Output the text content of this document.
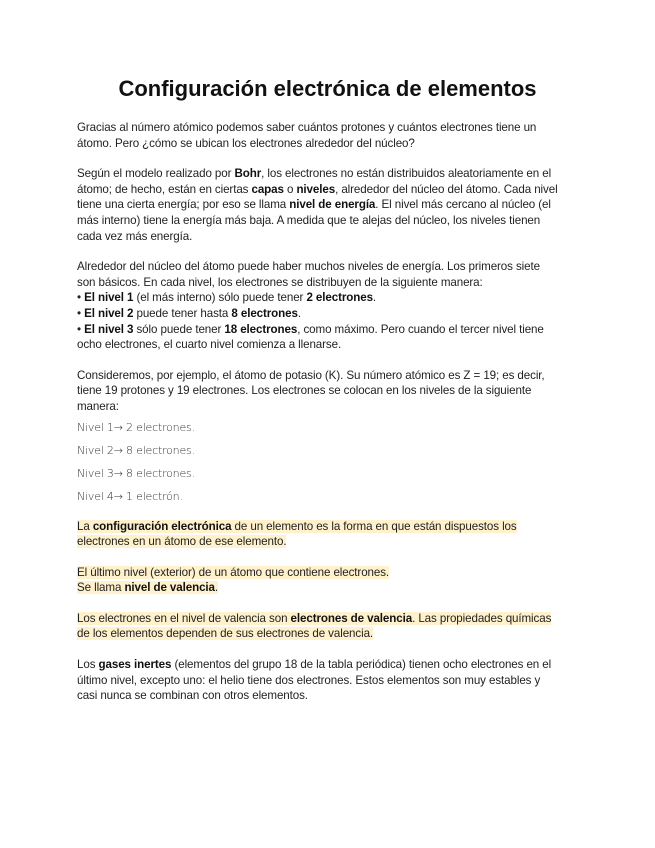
Configuración electrónica de elementos

Gracias al número atómico podemos saber cuántos protones y cuántos electrones tiene un
átomo. Pero ¿cómo se ubican los electrones alrededor del núcleo?

Según el modelo realizado por Bohr, los electrones no están distribuidos aleatoriamente en el
átomo; de hecho, están en ciertas capas o niveles, alrededor del núcleo del átomo. Cada nivel
tiene una cierta energía; por eso se llama nivel de energía. El nivel más cercano al núcleo (el
más interno) tiene la energía más baja. A medida que te alejas del núcleo, los niveles tienen
cada vez más energía.

Alrededor del núcleo del átomo puede haber muchos niveles de energía. Los primeros siete
son básicos. En cada nivel, los electrones se distribuyen de la siguiente manera:
• El nivel 1 (el más interno) sólo puede tener 2 electrones.
• El nivel 2 puede tener hasta 8 electrones.
• El nivel 3 sólo puede tener 18 electrones, como máximo. Pero cuando el tercer nivel tiene
ocho electrones, el cuarto nivel comienza a llenarse.

Consideremos, por ejemplo, el átomo de potasio (K). Su número atómico es Z = 19; es decir,
tiene 19 protones y 19 electrones. Los electrones se colocan en los niveles de la siguiente
manera:

Nivel 1→ 2 electrones.
Nivel 2→ 8 electrones.
Nivel 3→ 8 electrones.
Nivel 4→ 1 electrón.

La configuración electrónica de un elemento es la forma en que están dispuestos los
electrones en un átomo de ese elemento.

El último nivel (exterior) de un átomo que contiene electrones.
Se llama nivel de valencia.

Los electrones en el nivel de valencia son electrones de valencia. Las propiedades químicas
de los elementos dependen de sus electrones de valencia.

Los gases inertes (elementos del grupo 18 de la tabla periódica) tienen ocho electrones en el
último nivel, excepto uno: el helio tiene dos electrones. Estos elementos son muy estables y
casi nunca se combinan con otros elementos.
